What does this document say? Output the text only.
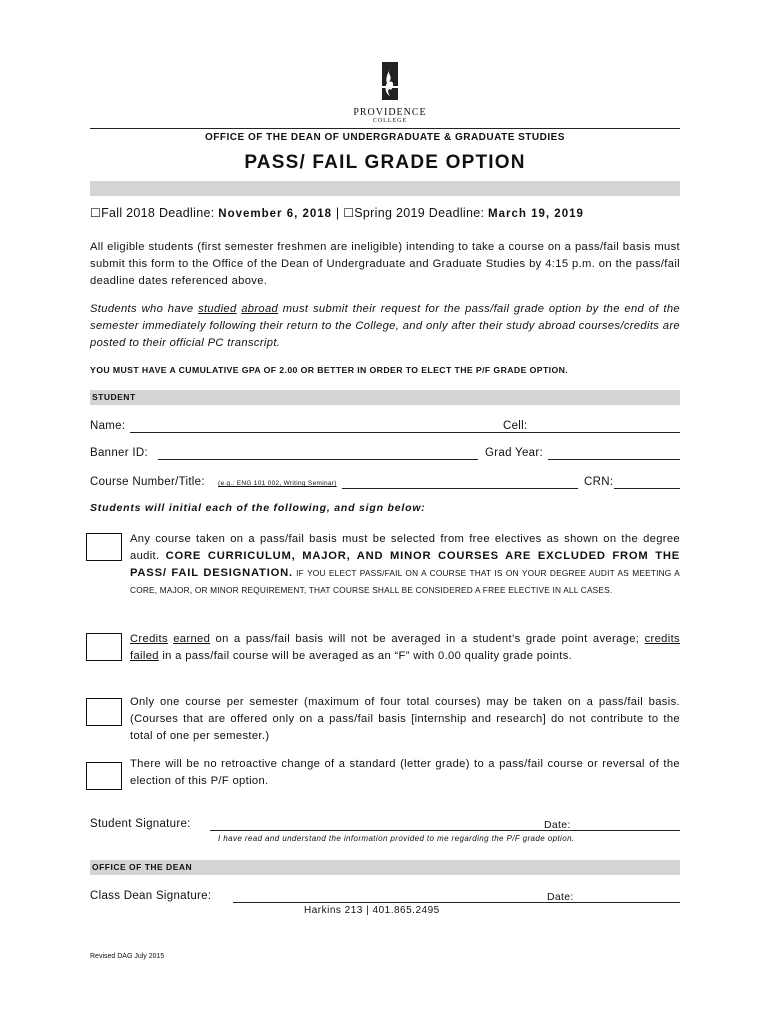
PROVIDENCE
COLLEGE
OFFICE OF THE DEAN OF UNDERGRADUATE & GRADUATE STUDIES
PASS/ FAIL GRADE OPTION
☐Fall 2018 Deadline: November 6, 2018 | ☐Spring 2019 Deadline: March 19, 2019
All eligible students (first semester freshmen are ineligible) intending to take a course on a pass/fail basis must submit this form to the Office of the Dean of Undergraduate and Graduate Studies by 4:15 p.m. on the pass/fail deadline dates referenced above.
Students who have studied abroad must submit their request for the pass/fail grade option by the end of the semester immediately following their return to the College, and only after their study abroad courses/credits are posted to their official PC transcript.
YOU MUST HAVE A CUMULATIVE GPA OF 2.00 OR BETTER IN ORDER TO ELECT THE P/F GRADE OPTION.
STUDENT
Name:	Cell:
Banner ID:	Grad Year:
Course Number/Title: (e.g.: ENG 101 002, Writing Seminar)	CRN:
Students will initial each of the following, and sign below:
Any course taken on a pass/fail basis must be selected from free electives as shown on the degree audit. CORE CURRICULUM, MAJOR, AND MINOR COURSES ARE EXCLUDED FROM THE PASS/ FAIL DESIGNATION. IF YOU ELECT PASS/FAIL ON A COURSE THAT IS ON YOUR DEGREE AUDIT AS MEETING A CORE, MAJOR, OR MINOR REQUIREMENT, THAT COURSE SHALL BE CONSIDERED A FREE ELECTIVE IN ALL CASES.
Credits earned on a pass/fail basis will not be averaged in a student’s grade point average; credits failed in a pass/fail course will be averaged as an “F” with 0.00 quality grade points.
Only one course per semester (maximum of four total courses) may be taken on a pass/fail basis. (Courses that are offered only on a pass/fail basis [internship and research] do not contribute to the total of one per semester.)
There will be no retroactive change of a standard (letter grade) to a pass/fail course or reversal of the election of this P/F option.
Student Signature:	Date:
I have read and understand the information provided to me regarding the P/F grade option.
OFFICE OF THE DEAN
Class Dean Signature:	Date:
Harkins 213 | 401.865.2495
Revised DAG July 2015
